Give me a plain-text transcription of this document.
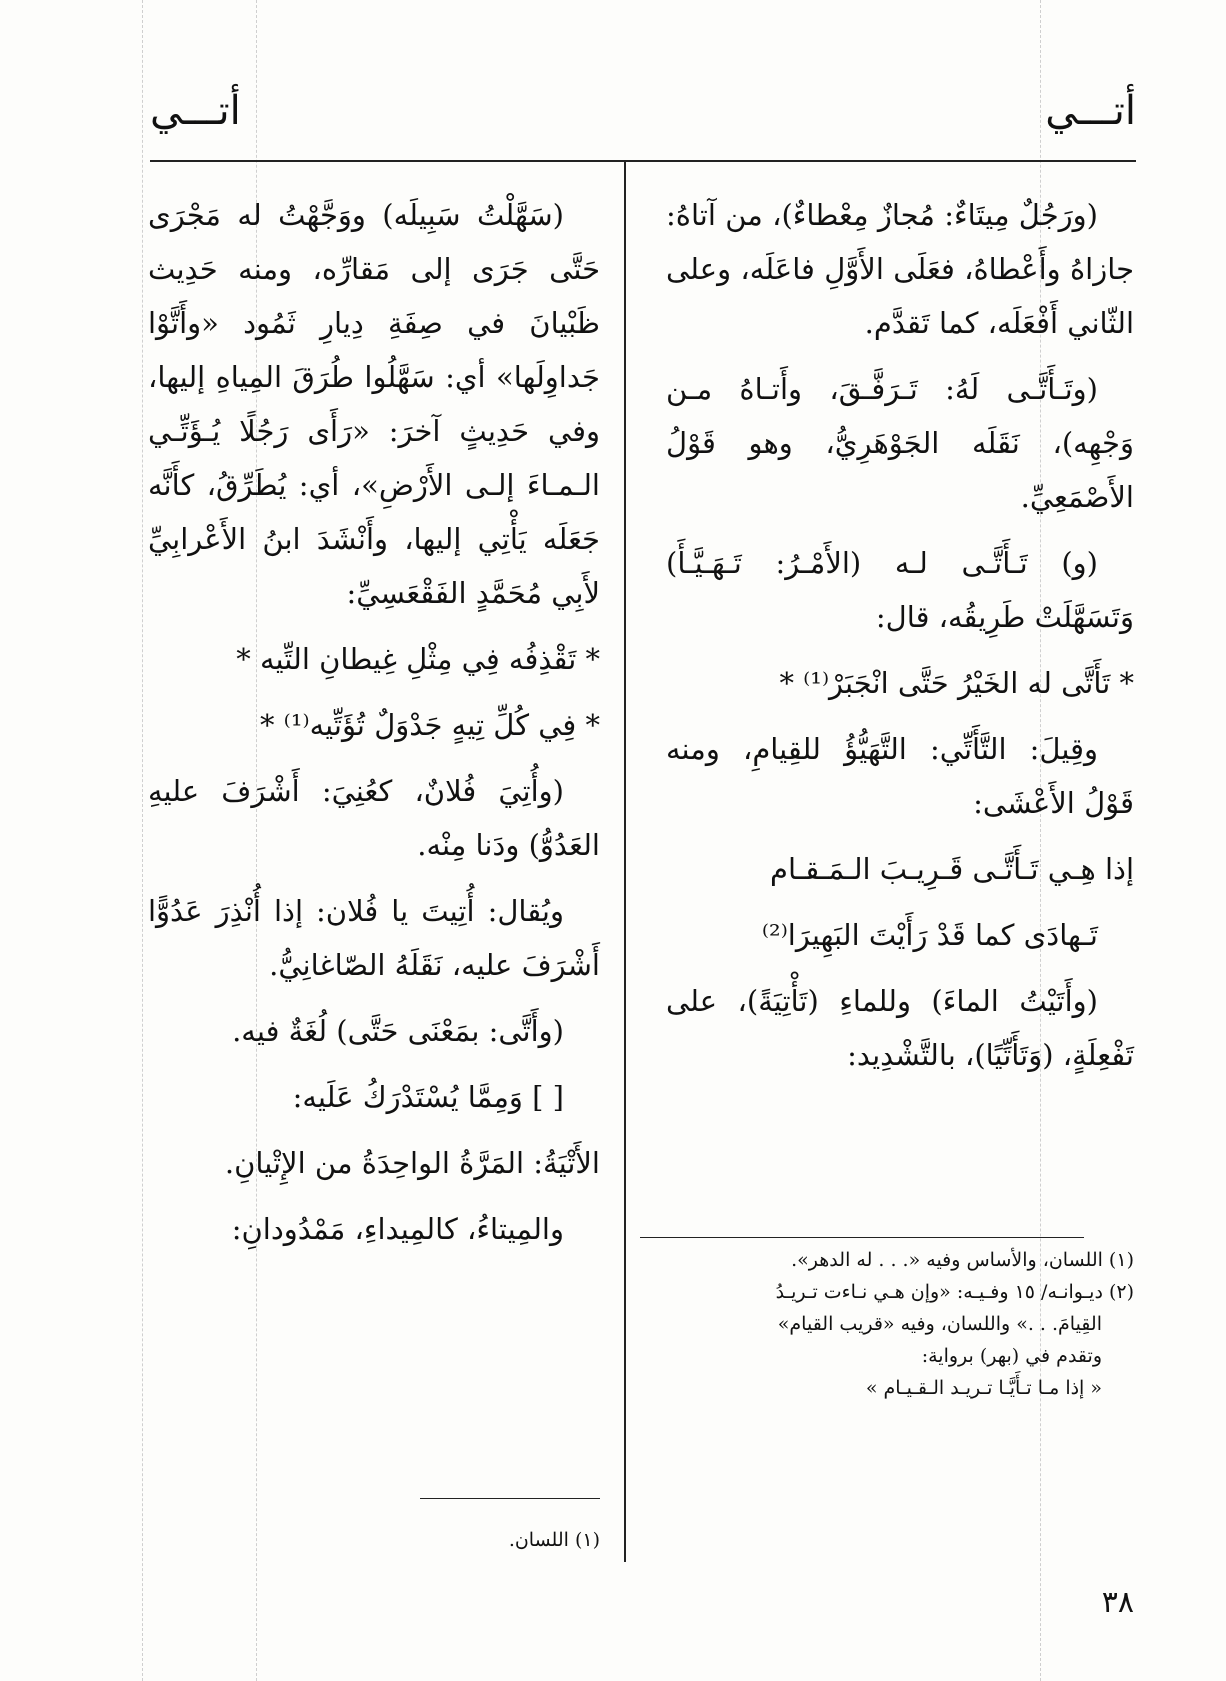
أتـــي
أتـــي

(ورَجُلٌ مِيتَاءٌ: مُجازٌ مِعْطاءٌ)، من آتاهُ: جازاهُ وأَعْطاهُ، فعَلَى الأَوَّلِ فاعَلَه، وعلى الثّاني أَفْعَلَه، كما تَقدَّم.

(وتَـأَتَّـى لَهُ: تَـرَفَّـقَ، وأَتـاهُ مـن وَجْهِه)، نَقَلَه الجَوْهَرِيُّ، وهو قَوْلُ الأَصْمَعِيِّ.

(و) تَـأَتَّـى لـه (الأَمْـرُ: تَـهَـيَّـأَ) وَتَسَهَّلَتْ طَرِيقُه، قال:

* تَأَتَّى له الخَيْرُ حَتَّى انْجَبَرْ⁽¹⁾ *

وقِيلَ: التَّأَتِّي: التَّهَيُّؤُ للقِيامِ، ومنه قَوْلُ الأَعْشَى:

إذا هِـي تَـأَتَّـى قَـرِيـبَ الـمَـقـام

تَـهادَى كما قَدْ رَأَيْتَ البَهِيرَا⁽²⁾

(وأَتَيْتُ الماءَ) وللماءِ (تَأْتِيَةً)، على تَفْعِلَةٍ، (وَتَأَتِّيًا)، بالتَّشْدِيد:

(١) اللسان، والأساس وفيه «. . . له الدهر».
(٢) ديـوانـه/ ١٥ وفـيـه: «وإن هـي نـاءت تـريـدُ
القِيامَ. . .» واللسان، وفيه «قريب القيام»
وتقدم في (بهر) برواية:
« إذا مـا تـأَيَّـا تـريـد الـقـيـام »

(سَهَّلْتُ سَبِيلَه) ووَجَّهْتُ له مَجْرَى حَتَّى جَرَى إلى مَقارِّه، ومنه حَدِيث ظَبْيانَ في صِفَةِ دِيارِ ثَمُود «وأَتَّوْا جَداوِلَها» أي: سَهَّلُوا طُرَقَ المِياهِ إليها، وفي حَدِيثٍ آخرَ: «رَأَى رَجُلًا يُـؤَتِّـي الـمـاءَ إلـى الأَرْضِ»، أي: يُطَرِّقُ، كأَنَّه جَعَلَه يَأْتِي إليها، وأَنْشَدَ ابنُ الأَعْرابِيِّ لأَبِي مُحَمَّدٍ الفَقْعَسِيِّ:

* تَقْذِفُه فِي مِثْلِ غِيطانِ التِّيه *

* فِي كُلِّ تِيهٍ جَدْوَلٌ تُؤَتِّيه⁽¹⁾ *

(وأُتِيَ فُلانٌ، كعُنِيَ: أَشْرَفَ عليهِ العَدُوُّ) ودَنا مِنْه.

ويُقال: أُتِيتَ يا فُلان: إذا أُنْذِرَ عَدُوًّا أَشْرَفَ عليه، نَقَلَهُ الصّاغانِيُّ.

(وأَتَّى: بمَعْنَى حَتَّى) لُغَةٌ فيه.

[ ] وَمِمَّا يُسْتَدْرَكُ عَلَيه:

الأَتْيَةُ: المَرَّةُ الواحِدَةُ من الإِتْيانِ.

والمِيتاءُ، كالمِيداءِ، مَمْدُودانِ:

(١) اللسان.
٣٨
